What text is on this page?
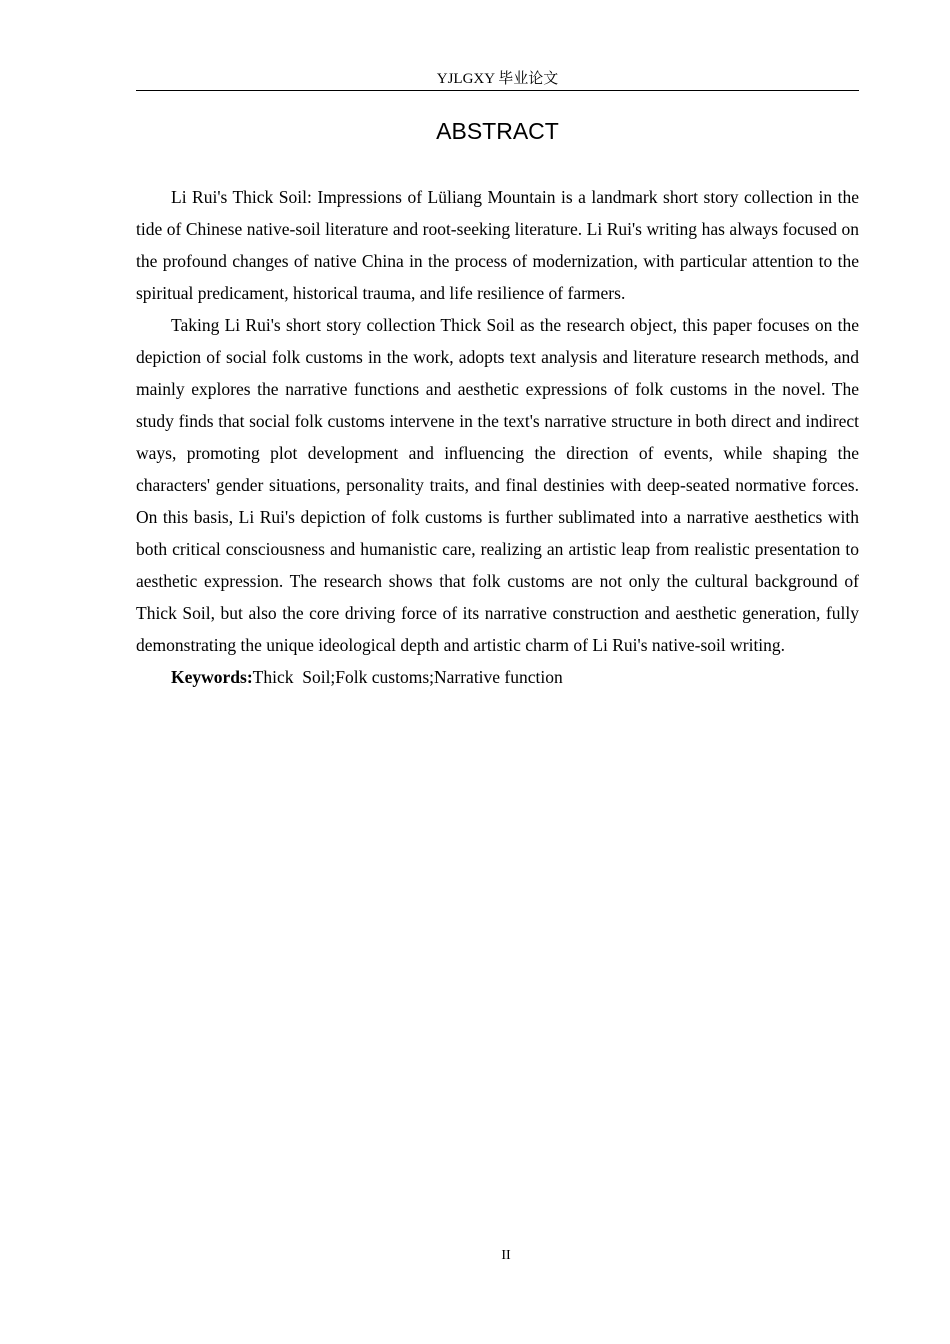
YJLGXY 毕业论文
ABSTRACT

Li Rui's Thick Soil: Impressions of Lüliang Mountain is a landmark short story collection in the tide of Chinese native-soil literature and root-seeking literature. Li Rui's writing has always focused on the profound changes of native China in the process of modernization, with particular attention to the spiritual predicament, historical trauma, and life resilience of farmers.

Taking Li Rui's short story collection Thick Soil as the research object, this paper focuses on the depiction of social folk customs in the work, adopts text analysis and literature research methods, and mainly explores the narrative functions and aesthetic expressions of folk customs in the novel. The study finds that social folk customs intervene in the text's narrative structure in both direct and indirect ways, promoting plot development and influencing the direction of events, while shaping the characters' gender situations, personality traits, and final destinies with deep-seated normative forces. On this basis, Li Rui's depiction of folk customs is further sublimated into a narrative aesthetics with both critical consciousness and humanistic care, realizing an artistic leap from realistic presentation to aesthetic expression. The research shows that folk customs are not only the cultural background of Thick Soil, but also the core driving force of its narrative construction and aesthetic generation, fully demonstrating the unique ideological depth and artistic charm of Li Rui's native-soil writing.

Keywords:Thick  Soil;Folk customs;Narrative function

II
